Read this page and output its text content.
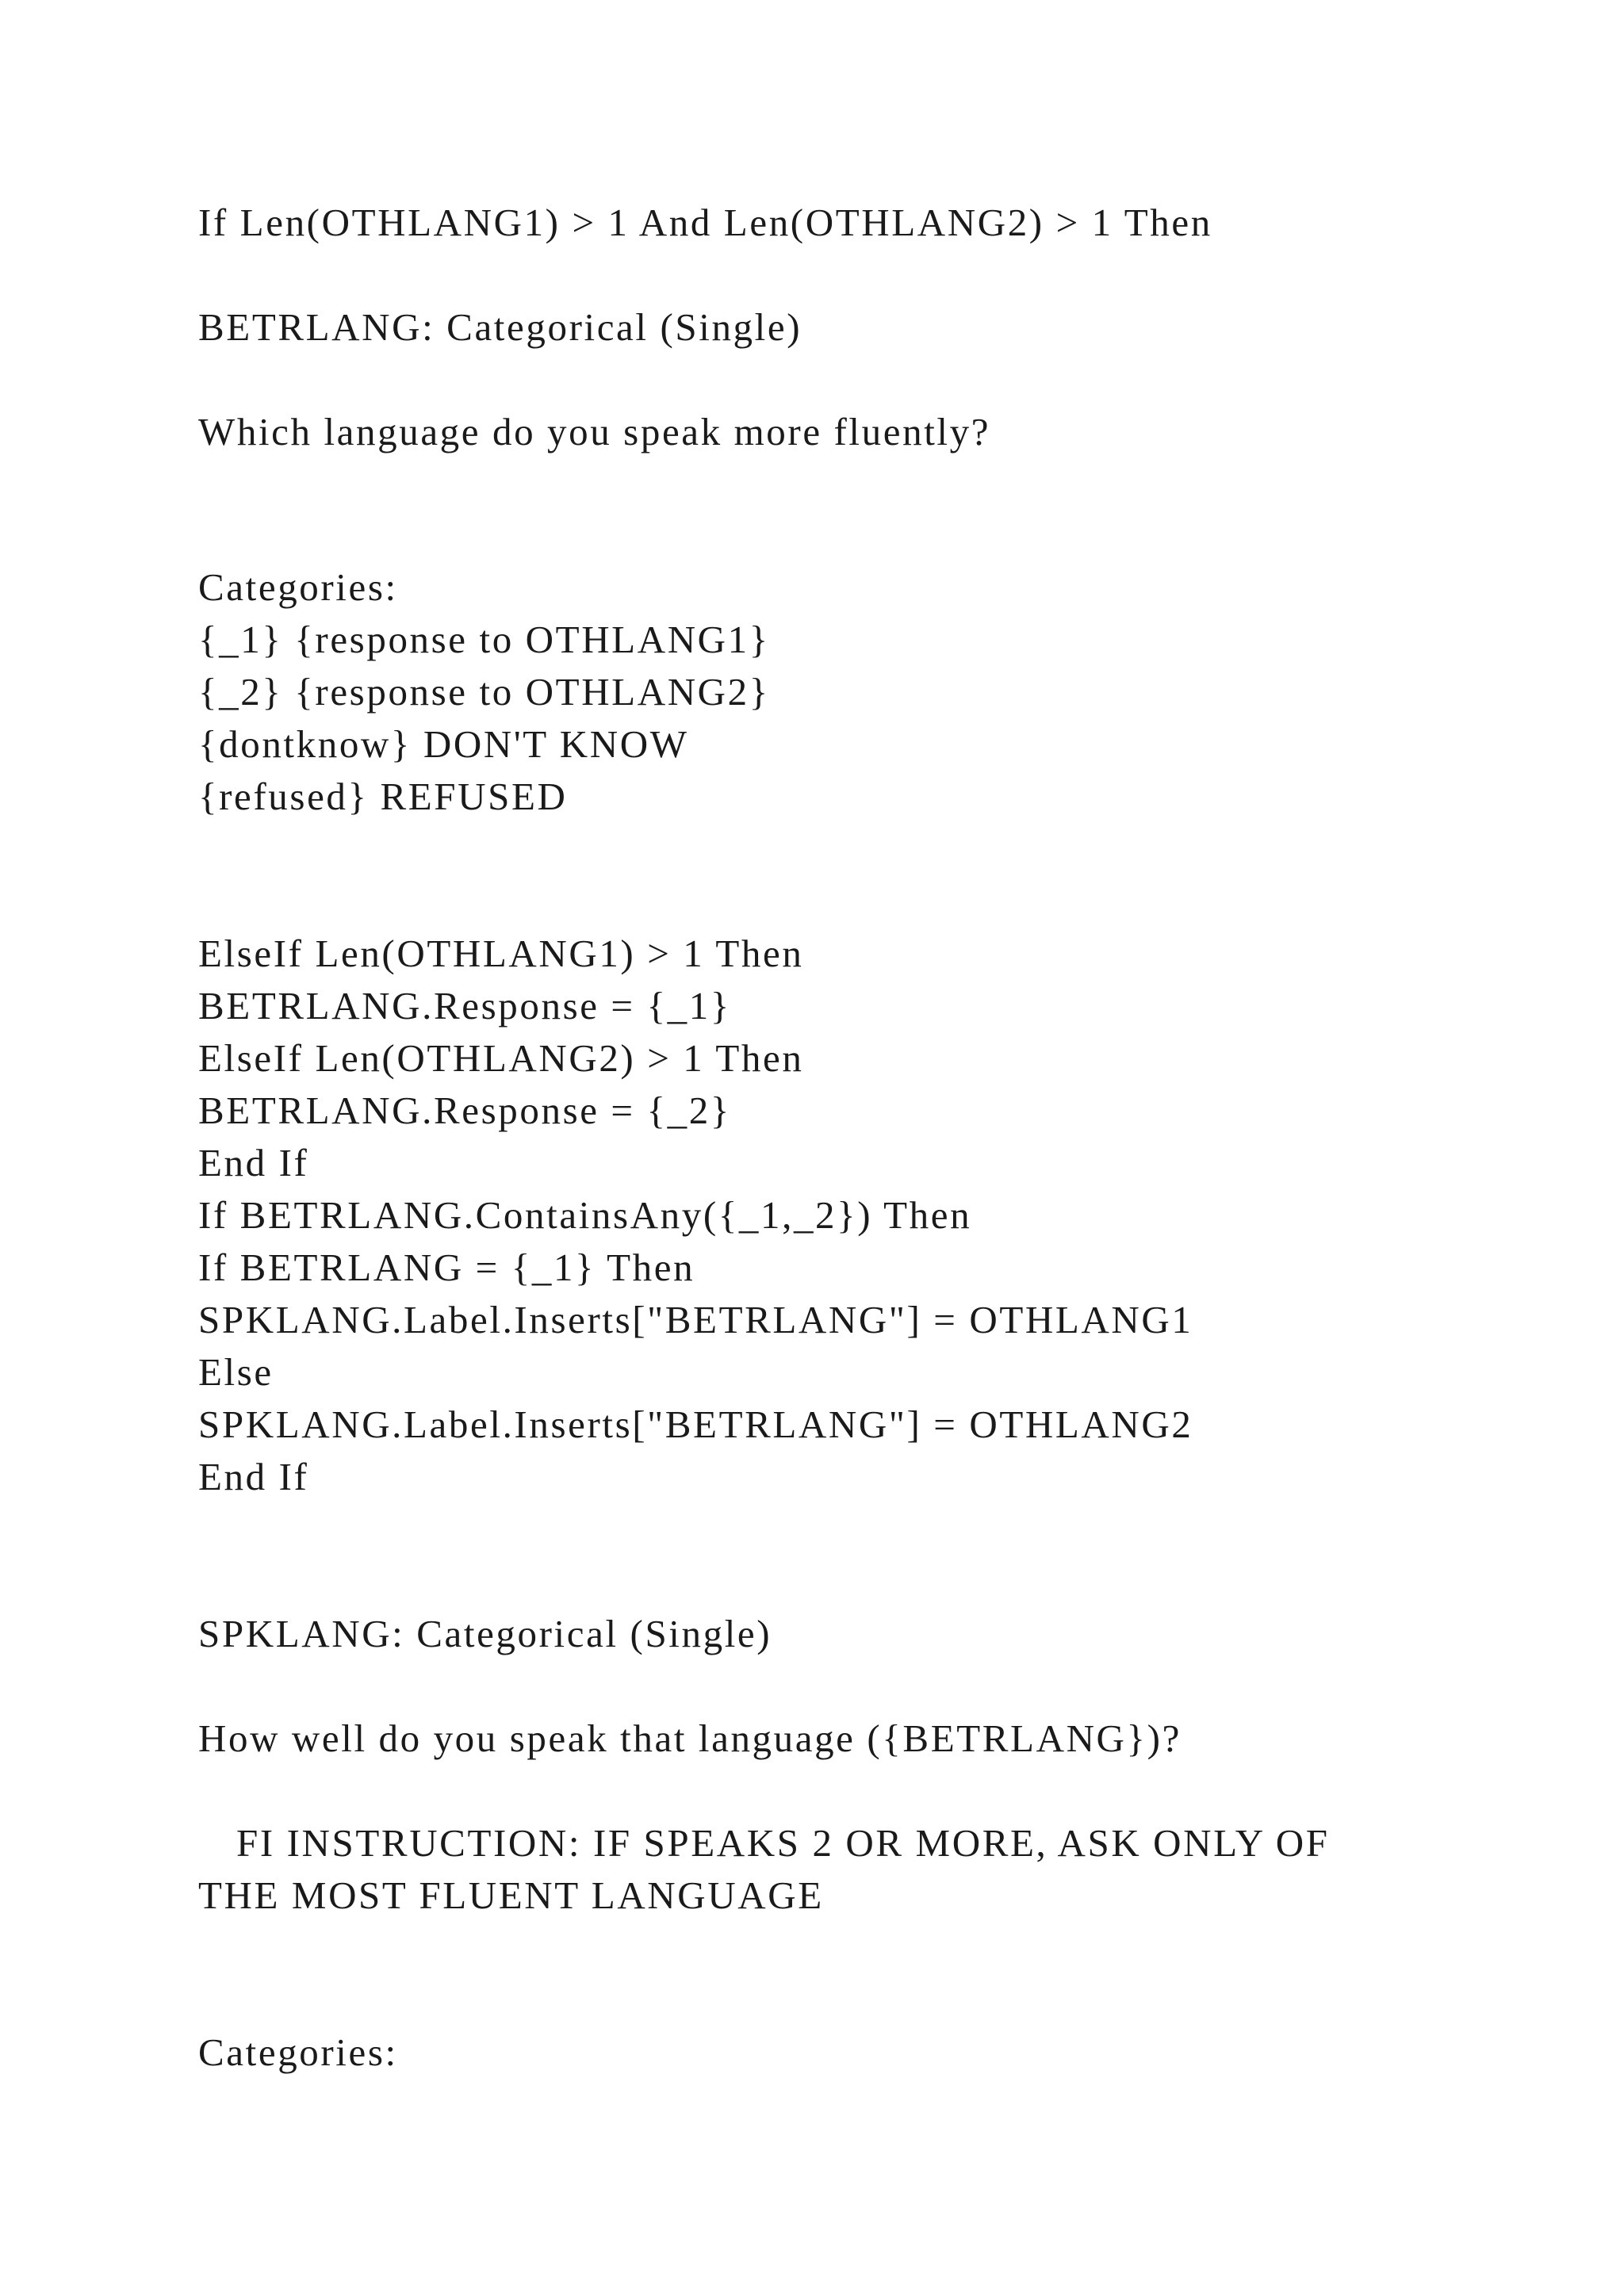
If Len(OTHLANG1) > 1 And Len(OTHLANG2) > 1 Then
BETRLANG: Categorical (Single)
Which language do you speak more fluently?
Categories:
{_1} {response to OTHLANG1}
{_2} {response to OTHLANG2}
{dontknow} DON'T KNOW
{refused} REFUSED
ElseIf Len(OTHLANG1) > 1 Then
BETRLANG.Response = {_1}
ElseIf Len(OTHLANG2) > 1 Then
BETRLANG.Response = {_2}
End If
If BETRLANG.ContainsAny({_1,_2}) Then
If BETRLANG = {_1} Then
SPKLANG.Label.Inserts["BETRLANG"] = OTHLANG1
Else
SPKLANG.Label.Inserts["BETRLANG"] = OTHLANG2
End If
SPKLANG: Categorical (Single)
How well do you speak that language ({BETRLANG})?
FI INSTRUCTION: IF SPEAKS 2 OR MORE, ASK ONLY OF
THE MOST FLUENT LANGUAGE
Categories:
